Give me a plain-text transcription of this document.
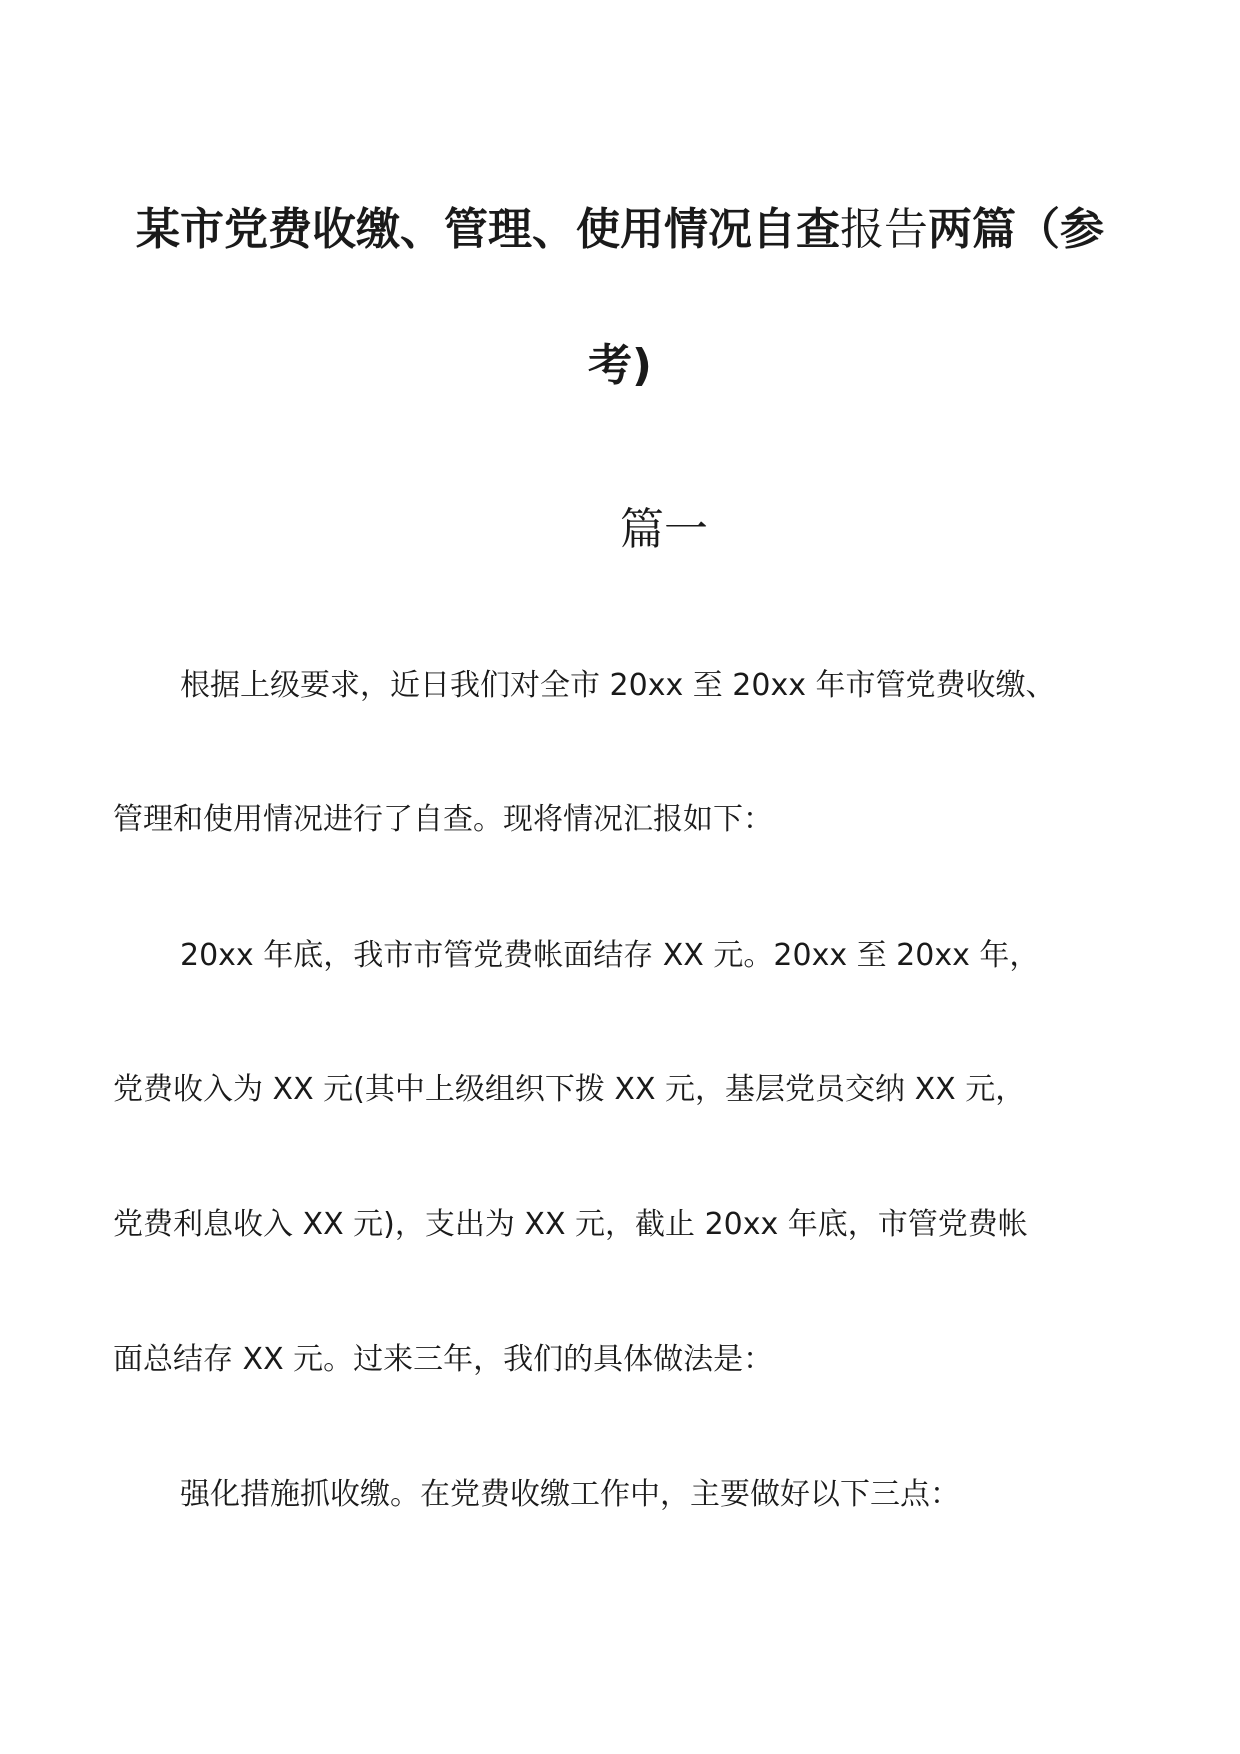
某市党费收缴、管理、使用情况自查报告两篇（参
考)
篇一
根据上级要求，近日我们对全市 20xx 至 20xx 年市管党费收缴、
管理和使用情况进行了自查。现将情况汇报如下：
20xx 年底，我市市管党费帐面结存 XX 元。20xx 至 20xx 年，
党费收入为 XX 元(其中上级组织下拨 XX 元，基层党员交纳 XX 元，
党费利息收入 XX 元)，支出为 XX 元，截止 20xx 年底，市管党费帐
面总结存 XX 元。过来三年，我们的具体做法是：
强化措施抓收缴。在党费收缴工作中，主要做好以下三点：
